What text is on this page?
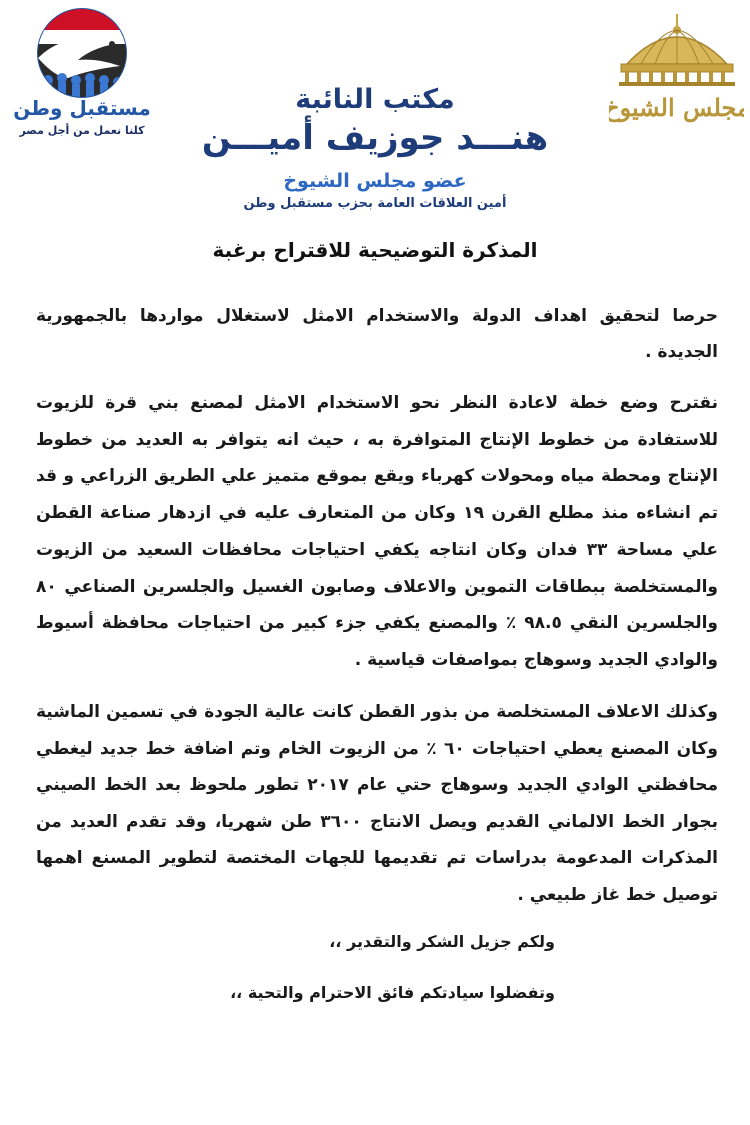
مستقبل وطن
كلنا نعمل من أجل مصر
مجلس الشيوخ
مكتب النائبة
هنـــد جوزيف أميـــن
عضو مجلس الشيوخ
أمين العلاقات العامة بحزب مستقبل وطن
المذكرة التوضيحية للاقتراح برغبة
حرصا لتحقيق اهداف الدولة والاستخدام الامثل لاستغلال مواردها بالجمهورية الجديدة .
نقترح وضع خطة لاعادة النظر نحو الاستخدام الامثل لمصنع بني قرة للزيوت للاستفادة من خطوط الإنتاج المتوافرة به ، حيث انه يتوافر به العديد من خطوط الإنتاج ومحطة مياه ومحولات كهرباء ويقع بموقع متميز علي الطريق الزراعي و قد تم انشاءه منذ مطلع القرن ١٩ وكان من المتعارف عليه في ازدهار صناعة القطن علي مساحة ٣٣ فدان وكان انتاجه يكفي احتياجات محافظات السعيد من الزيوت والمستخلصة ببطاقات التموين والاعلاف وصابون الغسيل والجلسرين الصناعي ٨٠ والجلسرين النقي ٩٨.٥ ٪ والمصنع يكفي جزء كبير من احتياجات محافظة أسيوط والوادي الجديد وسوهاج بمواصفات قياسية .
وكذلك الاعلاف المستخلصة من بذور القطن كانت عالية الجودة في تسمين الماشية وكان المصنع يعطي احتياجات ٦٠ ٪ من الزيوت الخام وتم اضافة خط جديد ليغطي محافظتي الوادي الجديد وسوهاج حتي عام ٢٠١٧ تطور ملحوظ بعد الخط الصيني بجوار الخط الالماني القديم ويصل الانتاج ٣٦٠٠ طن شهريا، وقد تقدم العديد من المذكرات المدعومة بدراسات تم تقديمها للجهات المختصة لتطوير المسنع اهمها توصيل خط غاز طبيعي .
ولكم جزيل الشكر والتقدير ،،
وتفضلوا سيادتكم فائق الاحترام والتحية ،،
